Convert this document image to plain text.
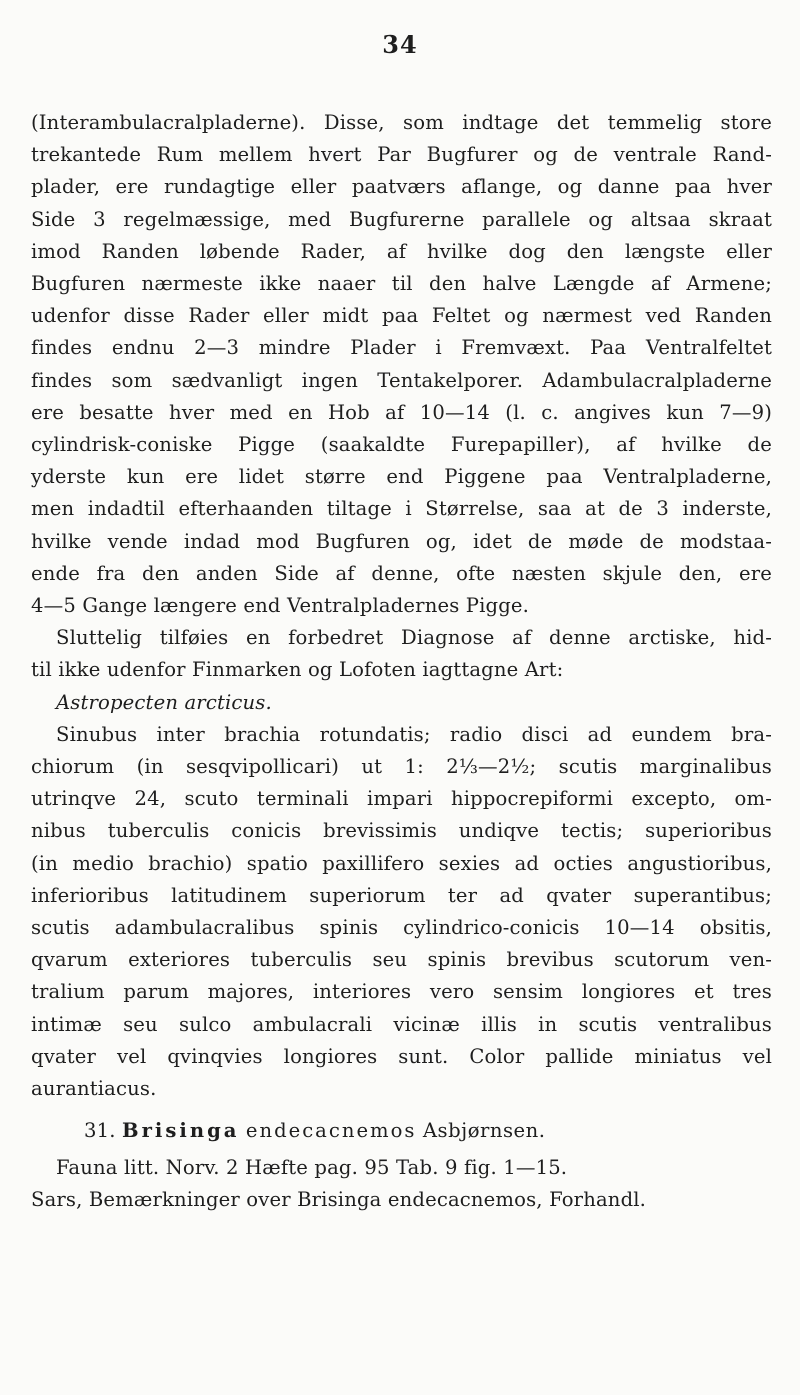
34
(Interambulacralpladerne). Disse, som indtage det temmelig store
trekantede Rum mellem hvert Par Bugfurer og de ventrale Rand-
plader, ere rundagtige eller paatværs aflange, og danne paa hver
Side 3 regelmæssige, med Bugfurerne parallele og altsaa skraat
imod Randen løbende Rader, af hvilke dog den længste eller
Bugfuren nærmeste ikke naaer til den halve Længde af Armene;
udenfor disse Rader eller midt paa Feltet og nærmest ved Randen
findes endnu 2—3 mindre Plader i Fremvæxt. Paa Ventralfeltet
findes som sædvanligt ingen Tentakelporer. Adambulacralpladerne
ere besatte hver med en Hob af 10—14 (l. c. angives kun 7—9)
cylindrisk-coniske Pigge (saakaldte Furepapiller), af hvilke de
yderste kun ere lidet større end Piggene paa Ventralpladerne,
men indadtil efterhaanden tiltage i Størrelse, saa at de 3 inderste,
hvilke vende indad mod Bugfuren og, idet de møde de modstaa-
ende fra den anden Side af denne, ofte næsten skjule den, ere
4—5 Gange længere end Ventralpladernes Pigge.
Sluttelig tilføies en forbedret Diagnose af denne arctiske, hid-
til ikke udenfor Finmarken og Lofoten iagttagne Art:
Astropecten arcticus.
Sinubus inter brachia rotundatis; radio disci ad eundem bra-
chiorum (in sesqvipollicari) ut 1: 2⅓—2½; scutis marginalibus
utrinqve 24, scuto terminali impari hippocrepiformi excepto, om-
nibus tuberculis conicis brevissimis undiqve tectis; superioribus
(in medio brachio) spatio paxillifero sexies ad octies angustioribus,
inferioribus latitudinem superiorum ter ad qvater superantibus;
scutis adambulacralibus spinis cylindrico-conicis 10—14 obsitis,
qvarum exteriores tuberculis seu spinis brevibus scutorum ven-
tralium parum majores, interiores vero sensim longiores et tres
intimæ seu sulco ambulacrali vicinæ illis in scutis ventralibus
qvater vel qvinqvies longiores sunt. Color pallide miniatus vel
aurantiacus.
31. Brisinga endecacnemos Asbjørnsen.
Fauna litt. Norv. 2 Hæfte pag. 95 Tab. 9 fig. 1—15.
Sars, Bemærkninger over Brisinga endecacnemos, Forhandl.
